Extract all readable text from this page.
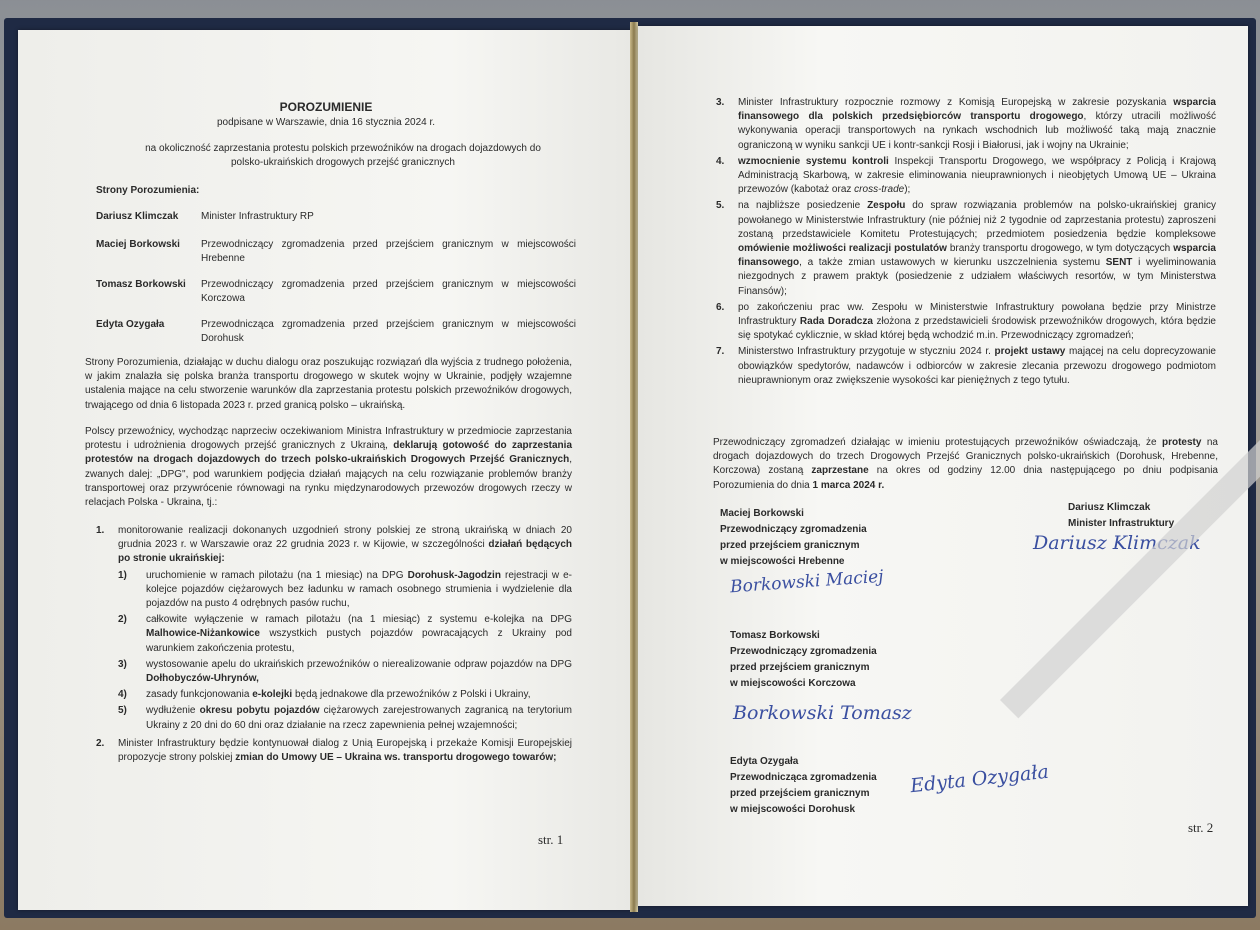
POROZUMIENIE
podpisane w Warszawie, dnia 16 stycznia 2024 r.
na okoliczność zaprzestania protestu polskich przewoźników na drogach dojazdowych do polsko-ukraińskich drogowych przejść granicznych
Strony Porozumienia:
Dariusz Klimczak	Minister Infrastruktury RP
Maciej Borkowski	Przewodniczący zgromadzenia przed przejściem granicznym w miejscowości Hrebenne
Tomasz Borkowski	Przewodniczący zgromadzenia przed przejściem granicznym w miejscowości Korczowa
Edyta Ozygała	Przewodnicząca zgromadzenia przed przejściem granicznym w miejscowości Dorohusk
Strony Porozumienia, działając w duchu dialogu oraz poszukując rozwiązań dla wyjścia z trudnego położenia, w jakim znalazła się polska branża transportu drogowego w skutek wojny w Ukrainie, podjęły wzajemne ustalenia mające na celu stworzenie warunków dla zaprzestania protestu polskich przewoźników drogowych, trwającego od dnia 6 listopada 2023 r. przed granicą polsko – ukraińską.
Polscy przewoźnicy, wychodząc naprzeciw oczekiwaniom Ministra Infrastruktury w przedmiocie zaprzestania protestu i udrożnienia drogowych przejść granicznych z Ukrainą, deklarują gotowość do zaprzestania protestów na drogach dojazdowych do trzech polsko-ukraińskich Drogowych Przejść Granicznych, zwanych dalej: „DPG", pod warunkiem podjęcia działań mających na celu rozwiązanie problemów branży transportowej oraz przywrócenie równowagi na rynku międzynarodowych przewozów drogowych rzeczy w relacjach Polska - Ukraina, tj.:
1. monitorowanie realizacji dokonanych uzgodnień strony polskiej ze stroną ukraińską w dniach 20 grudnia 2023 r. w Warszawie oraz 22 grudnia 2023 r. w Kijowie, w szczególności działań będących po stronie ukraińskiej:
1) uruchomienie w ramach pilotażu (na 1 miesiąc) na DPG Dorohusk-Jagodzin rejestracji w e-kolejce pojazdów ciężarowych bez ładunku w ramach osobnego strumienia i wydzielenie dla pojazdów na pusto 4 odrębnych pasów ruchu,
2) całkowite wyłączenie w ramach pilotażu (na 1 miesiąc) z systemu e-kolejka na DPG Malhowice-Niżankowice wszystkich pustych pojazdów powracających z Ukrainy pod warunkiem zakończenia protestu,
3) wystosowanie apelu do ukraińskich przewoźników o nierealizowanie odpraw pojazdów na DPG Dołhobyczów-Uhrynów,
4) zasady funkcjonowania e-kolejki będą jednakowe dla przewoźników z Polski i Ukrainy,
5) wydłużenie okresu pobytu pojazdów ciężarowych zarejestrowanych zagranicą na terytorium Ukrainy z 20 dni do 60 dni oraz działanie na rzecz zapewnienia pełnej wzajemności;
2. Minister Infrastruktury będzie kontynuował dialog z Unią Europejską i przekaże Komisji Europejskiej propozycje strony polskiej zmian do Umowy UE – Ukraina ws. transportu drogowego towarów;
str. 1
3. Minister Infrastruktury rozpocznie rozmowy z Komisją Europejską w zakresie pozyskania wsparcia finansowego dla polskich przedsiębiorców transportu drogowego, którzy utracili możliwość wykonywania operacji transportowych na rynkach wschodnich lub możliwość taką mają znacznie ograniczoną w wyniku sankcji UE i kontr-sankcji Rosji i Białorusi, jak i wojny na Ukrainie;
4. wzmocnienie systemu kontroli Inspekcji Transportu Drogowego, we współpracy z Policją i Krajową Administracją Skarbową, w zakresie eliminowania nieuprawnionych i nieobjętych Umową UE – Ukraina przewozów (kabotaż oraz cross-trade);
5. na najbliższe posiedzenie Zespołu do spraw rozwiązania problemów na polsko-ukraińskiej granicy powołanego w Ministerstwie Infrastruktury (nie później niż 2 tygodnie od zaprzestania protestu) zaproszeni zostaną przedstawiciele Komitetu Protestujących; przedmiotem posiedzenia będzie kompleksowe omówienie możliwości realizacji postulatów branży transportu drogowego, w tym dotyczących wsparcia finansowego, a także zmian ustawowych w kierunku uszczelnienia systemu SENT i wyeliminowania niezgodnych z prawem praktyk (posiedzenie z udziałem właściwych resortów, w tym Ministerstwa Finansów);
6. po zakończeniu prac ww. Zespołu w Ministerstwie Infrastruktury powołana będzie przy Ministrze Infrastruktury Rada Doradcza złożona z przedstawicieli środowisk przewoźników drogowych, która będzie się spotykać cyklicznie, w skład której będą wchodzić m.in. Przewodniczący zgromadzeń;
7. Ministerstwo Infrastruktury przygotuje w styczniu 2024 r. projekt ustawy mającej na celu doprecyzowanie obowiązków spedytorów, nadawców i odbiorców w zakresie zlecania przewozu drogowego podmiotom nieuprawnionym oraz zwiększenie wysokości kar pieniężnych z tego tytułu.
Przewodniczący zgromadzeń działając w imieniu protestujących przewoźników oświadczają, że protesty na drogach dojazdowych do trzech Drogowych Przejść Granicznych polsko-ukraińskich (Dorohusk, Hrebenne, Korczowa) zostaną zaprzestane na okres od godziny 12.00 dnia następującego po dniu podpisania Porozumienia do dnia 1 marca 2024 r.
Maciej Borkowski
Przewodniczący zgromadzenia
przed przejściem granicznym
w miejscowości Hrebenne
Borkowski Maciej
Dariusz Klimczak
Minister Infrastruktury
Dariusz Klimczak
Tomasz Borkowski
Przewodniczący zgromadzenia
przed przejściem granicznym
w miejscowości Korczowa
Borkowski Tomasz
Edyta Ozygała
Przewodnicząca zgromadzenia
przed przejściem granicznym
w miejscowości Dorohusk
Edyta Ozygała
str. 2
